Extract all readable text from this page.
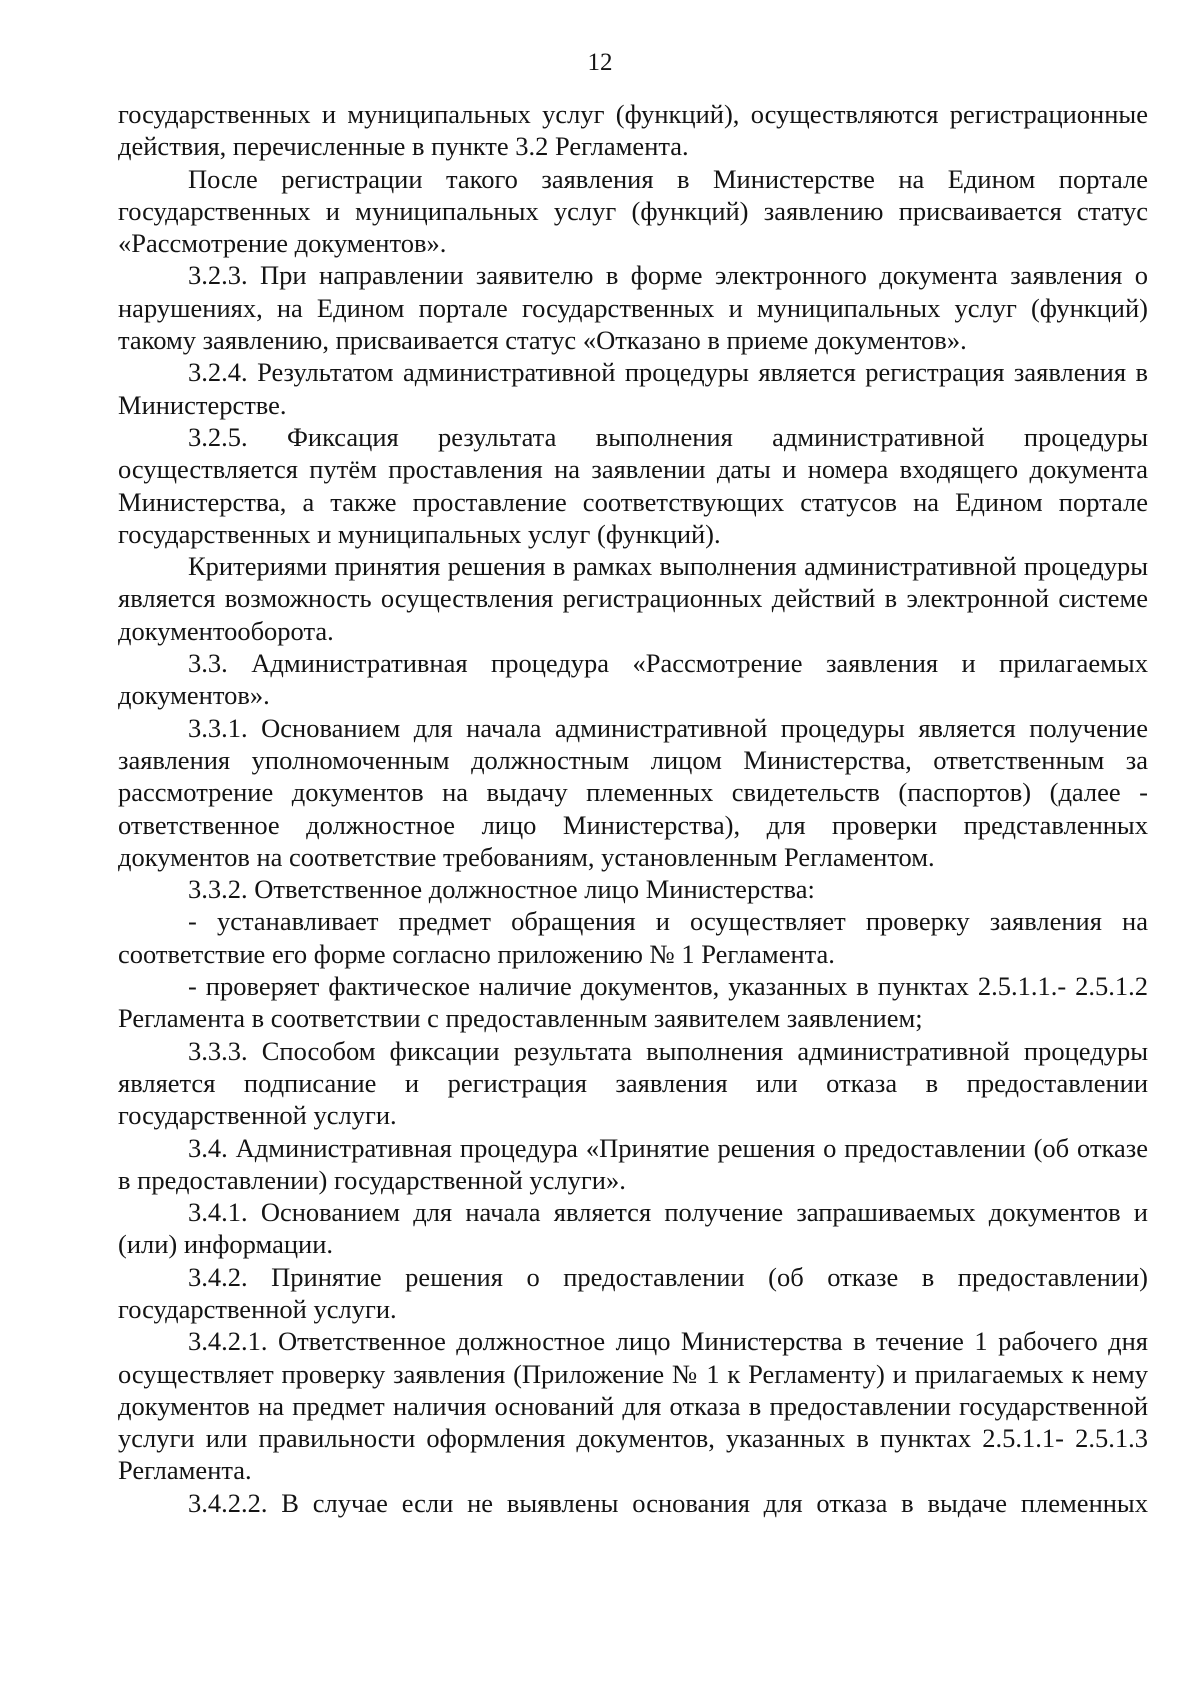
12

государственных и муниципальных услуг (функций), осуществляются регистрационные действия, перечисленные в пункте 3.2 Регламента.

После регистрации такого заявления в Министерстве на Едином портале государственных и муниципальных услуг (функций) заявлению присваивается статус «Рассмотрение документов».

3.2.3. При направлении заявителю в форме электронного документа заявления о нарушениях, на Едином портале государственных и муниципальных услуг (функций) такому заявлению, присваивается статус «Отказано в приеме документов».

3.2.4. Результатом административной процедуры является регистрация заявления в Министерстве.

3.2.5. Фиксация результата выполнения административной процедуры осуществляется путём проставления на заявлении даты и номера входящего документа Министерства, а также проставление соответствующих статусов на Едином портале государственных и муниципальных услуг (функций).

Критериями принятия решения в рамках выполнения административной процедуры является возможность осуществления регистрационных действий в электронной системе документооборота.

3.3. Административная процедура «Рассмотрение заявления и прилагаемых документов».

3.3.1. Основанием для начала административной процедуры является получение заявления уполномоченным должностным лицом Министерства, ответственным за рассмотрение документов на выдачу племенных свидетельств (паспортов) (далее - ответственное должностное лицо Министерства), для проверки представленных документов на соответствие требованиям, установленным Регламентом.

3.3.2. Ответственное должностное лицо Министерства:

- устанавливает предмет обращения и осуществляет проверку заявления на соответствие его форме согласно приложению № 1 Регламента.

- проверяет фактическое наличие документов, указанных в пунктах 2.5.1.1.- 2.5.1.2 Регламента в соответствии с предоставленным заявителем заявлением;

3.3.3. Способом фиксации результата выполнения административной процедуры является подписание и регистрация заявления или отказа в предоставлении государственной услуги.

3.4. Административная процедура «Принятие решения о предоставлении (об отказе в предоставлении) государственной услуги».

3.4.1. Основанием для начала является получение запрашиваемых документов и (или) информации.

3.4.2. Принятие решения о предоставлении (об отказе в предоставлении) государственной услуги.

3.4.2.1. Ответственное должностное лицо Министерства в течение 1 рабочего дня осуществляет проверку заявления (Приложение № 1 к Регламенту) и прилагаемых к нему документов на предмет наличия оснований для отказа в предоставлении государственной услуги или правильности оформления документов, указанных в пунктах 2.5.1.1- 2.5.1.3 Регламента.

3.4.2.2. В случае если не выявлены основания для отказа в выдаче племенных
